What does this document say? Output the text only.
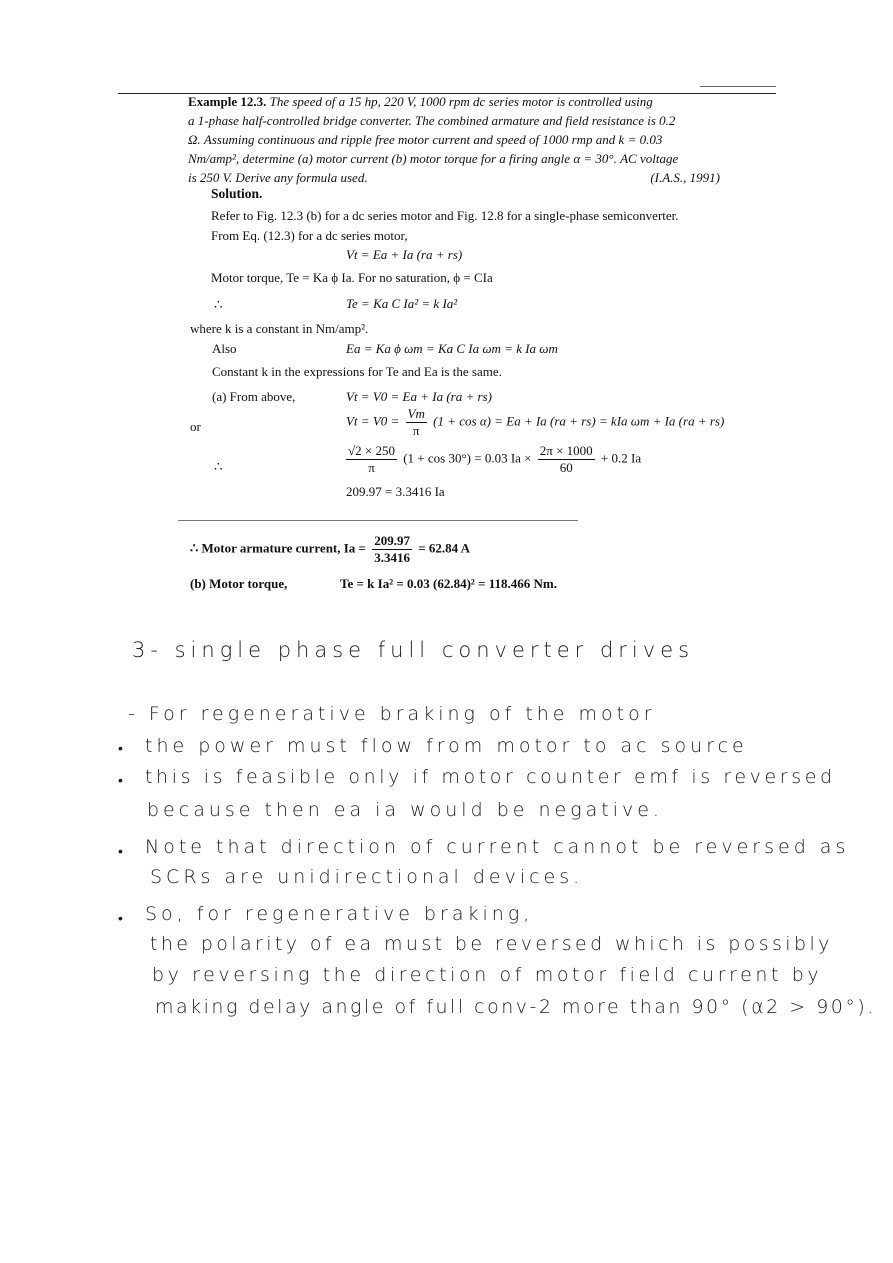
Example 12.3. The speed of a 15 hp, 220 V, 1000 rpm dc series motor is controlled using
a 1-phase half-controlled bridge converter. The combined armature and field resistance is 0.2
Ω. Assuming continuous and ripple free motor current and speed of 1000 rmp and k = 0.03
Nm/amp², determine (a) motor current (b) motor torque for a firing angle α = 30°. AC voltage
is 250 V. Derive any formula used.	(I.A.S., 1991)
Solution.
Refer to Fig. 12.3 (b) for a dc series motor and Fig. 12.8 for a single-phase semiconverter.
From Eq. (12.3) for a dc series motor,
Vt = Ea + Ia (ra + rs)
Motor torque, Te = Ka ϕ Ia. For no saturation, ϕ = CIa
∴	Te = Ka C Ia² = k Ia²
where k is a constant in Nm/amp².
Also	Ea = Ka ϕ ωm = Ka C Ia ωm = k Ia ωm
Constant k in the expressions for Te and Ea is the same.
(a) From above,	Vt = V0 = Ea + Ia (ra + rs)
or	$Vt = V0 = \frac{Vm}{\pi} (1 + \cos \alpha) = Ea + Ia$ (ra + rs) = kIa ωm + Ia (ra + rs)
∴	$\frac{√2 \times 250}{\pi} (1 + \cos 30^\circ) = 0.03$ $Ia \times \frac{2\pi \times 1000}{60} + 0.2$ Ia
209.97 = 3.3416 Ia
∴ Motor armature current, $Ia = \frac{209.97}{3.3416} = 62.84$ A
(b) Motor torque,	Te = k Ia² = 0.03 (62.84)² = 118.466 Nm.
3- single phase full converter drives
- For regenerative braking of the motor
• the power must flow from motor to ac source
• this is feasible only if motor counter emf is reversed
because then ea ia would be negative.
• Note that direction of current cannot be reversed as
SCRs are unidirectional devices.
• So, for regenerative braking,
the polarity of ea must be reversed which is possibly
by reversing the direction of motor field current by
making delay angle of full conv-2 more than 90° (α2 > 90°).
